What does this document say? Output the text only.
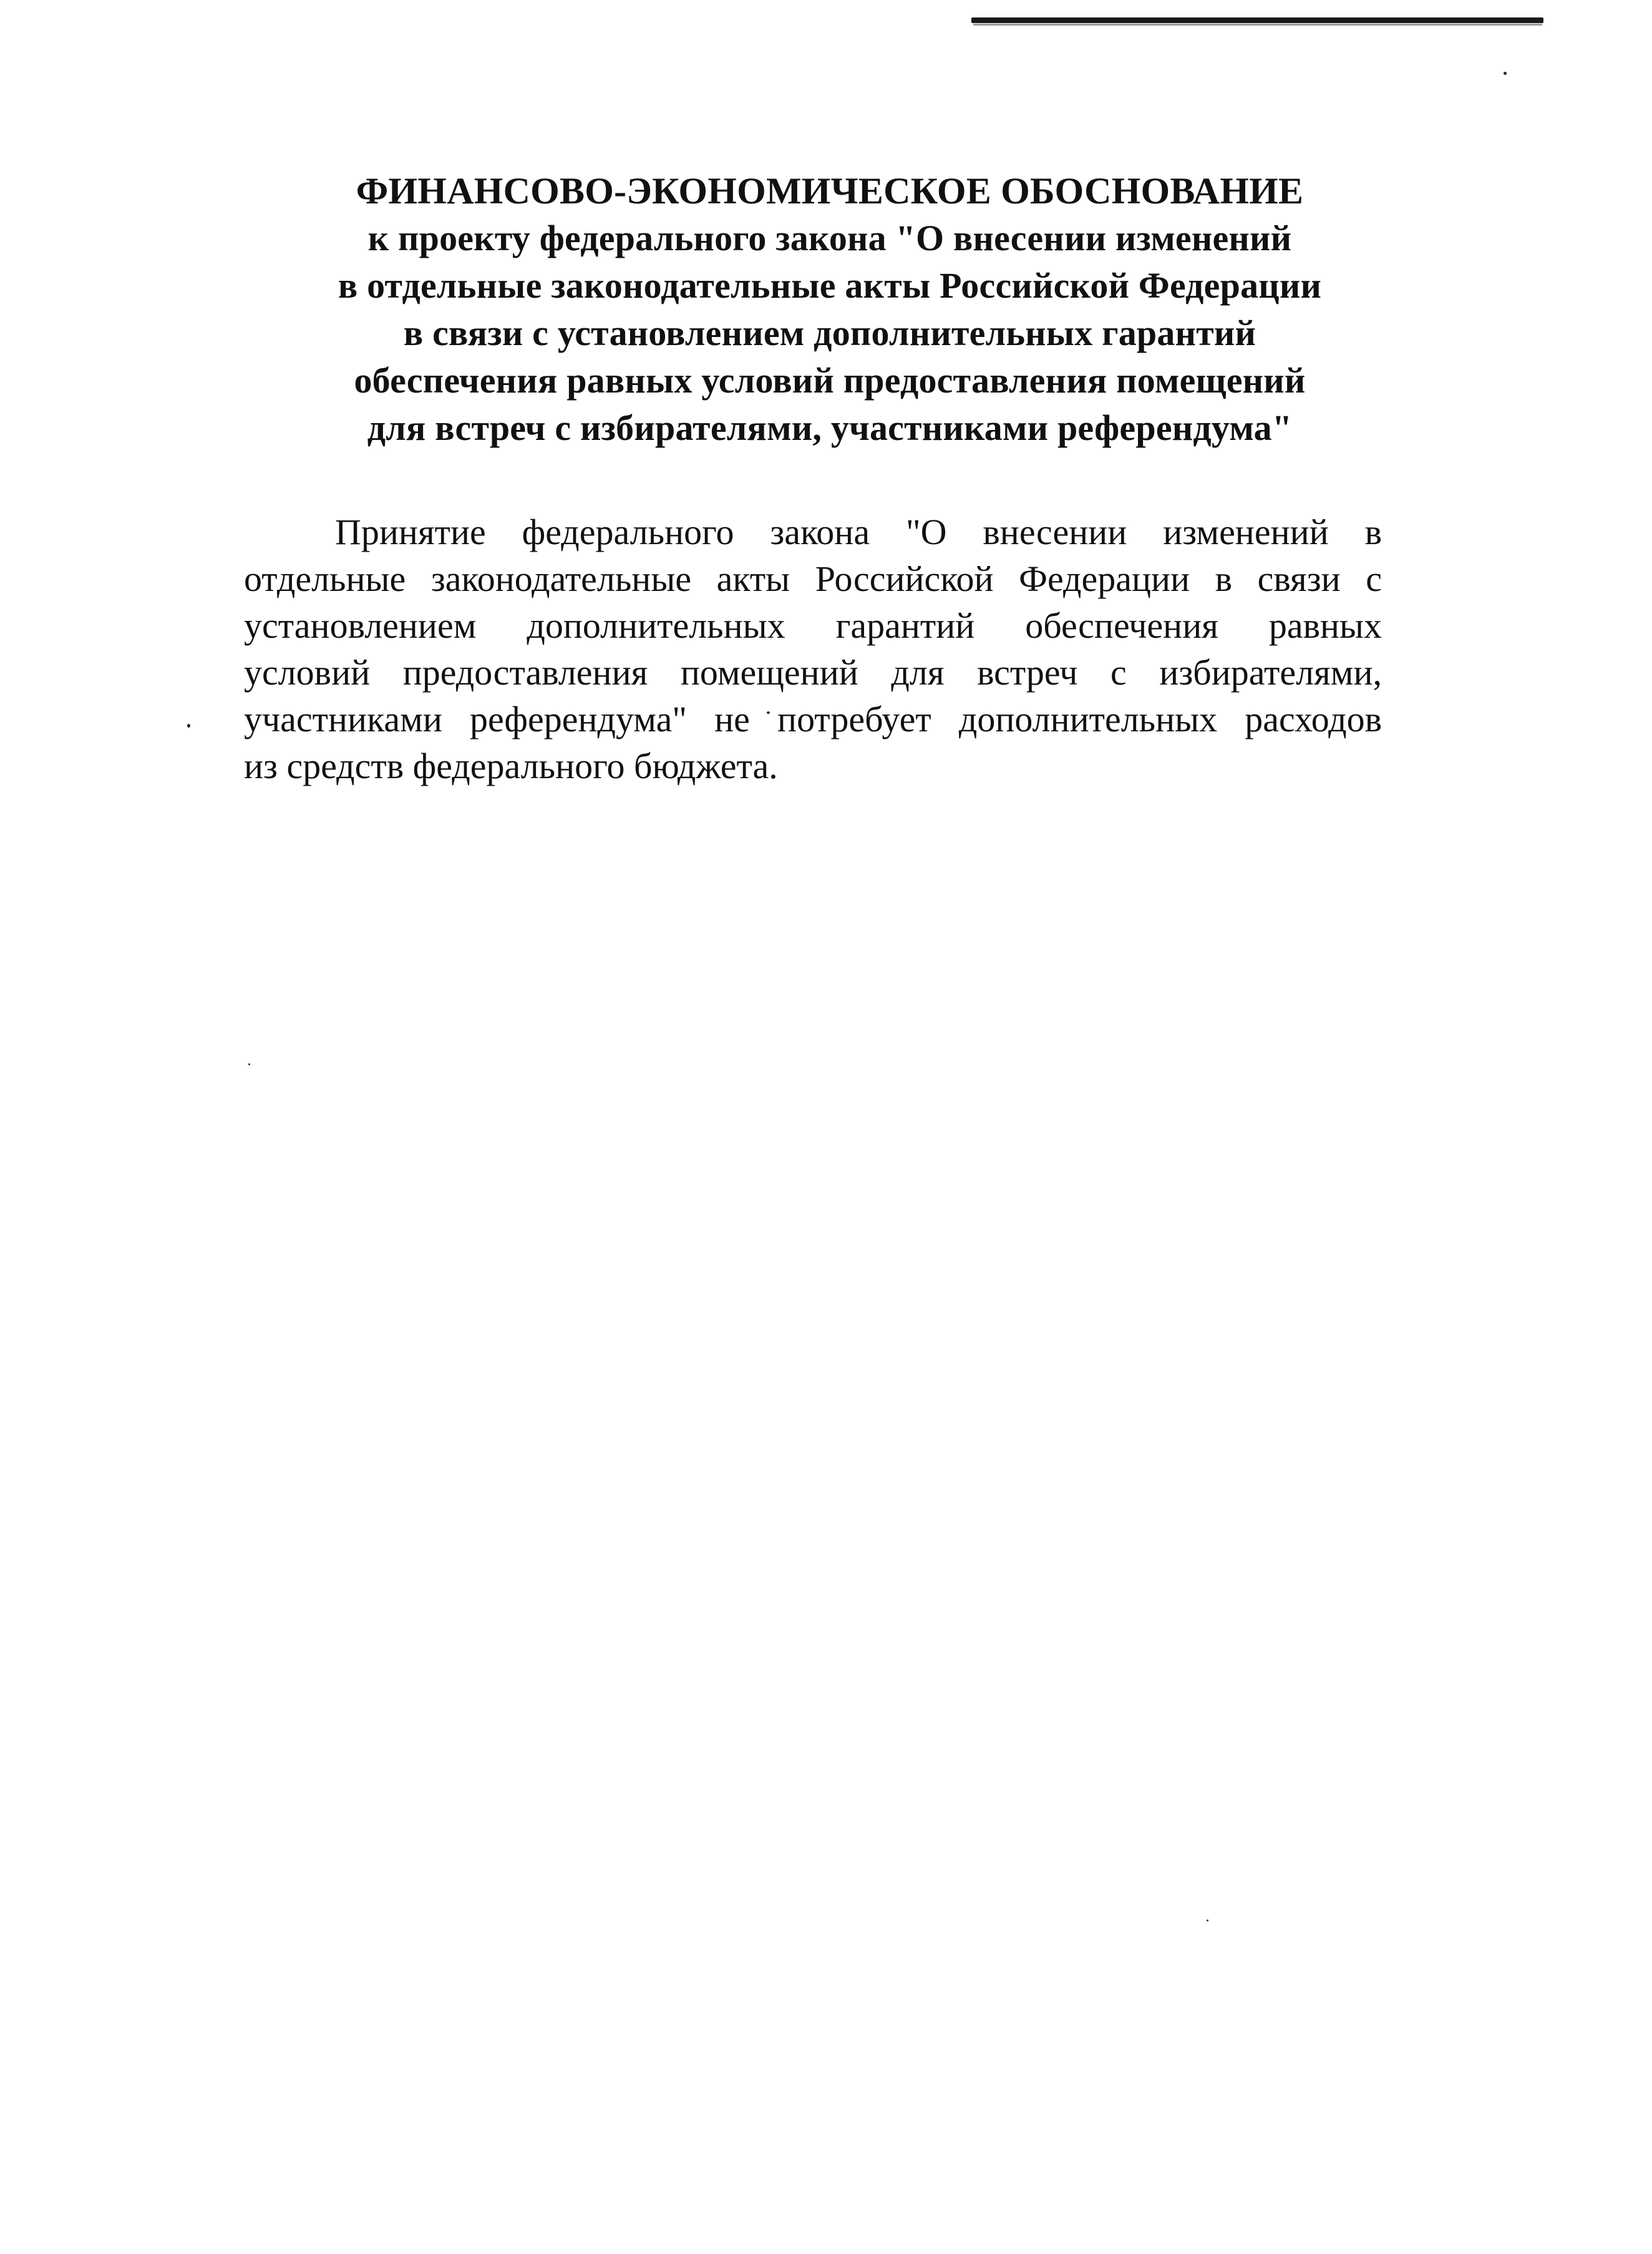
ФИНАНСОВО-ЭКОНОМИЧЕСКОЕ ОБОСНОВАНИЕ
к проекту федерального закона "О внесении изменений
в отдельные законодательные акты Российской Федерации
в связи с установлением дополнительных гарантий
обеспечения равных условий предоставления помещений
для встреч с избирателями, участниками референдума"
Принятие федерального закона "О внесении изменений в
отдельные законодательные акты Российской Федерации в связи с
установлением дополнительных гарантий обеспечения равных
условий предоставления помещений для встреч с избирателями,
участниками референдума" не потребует дополнительных расходов
из средств федерального бюджета.
